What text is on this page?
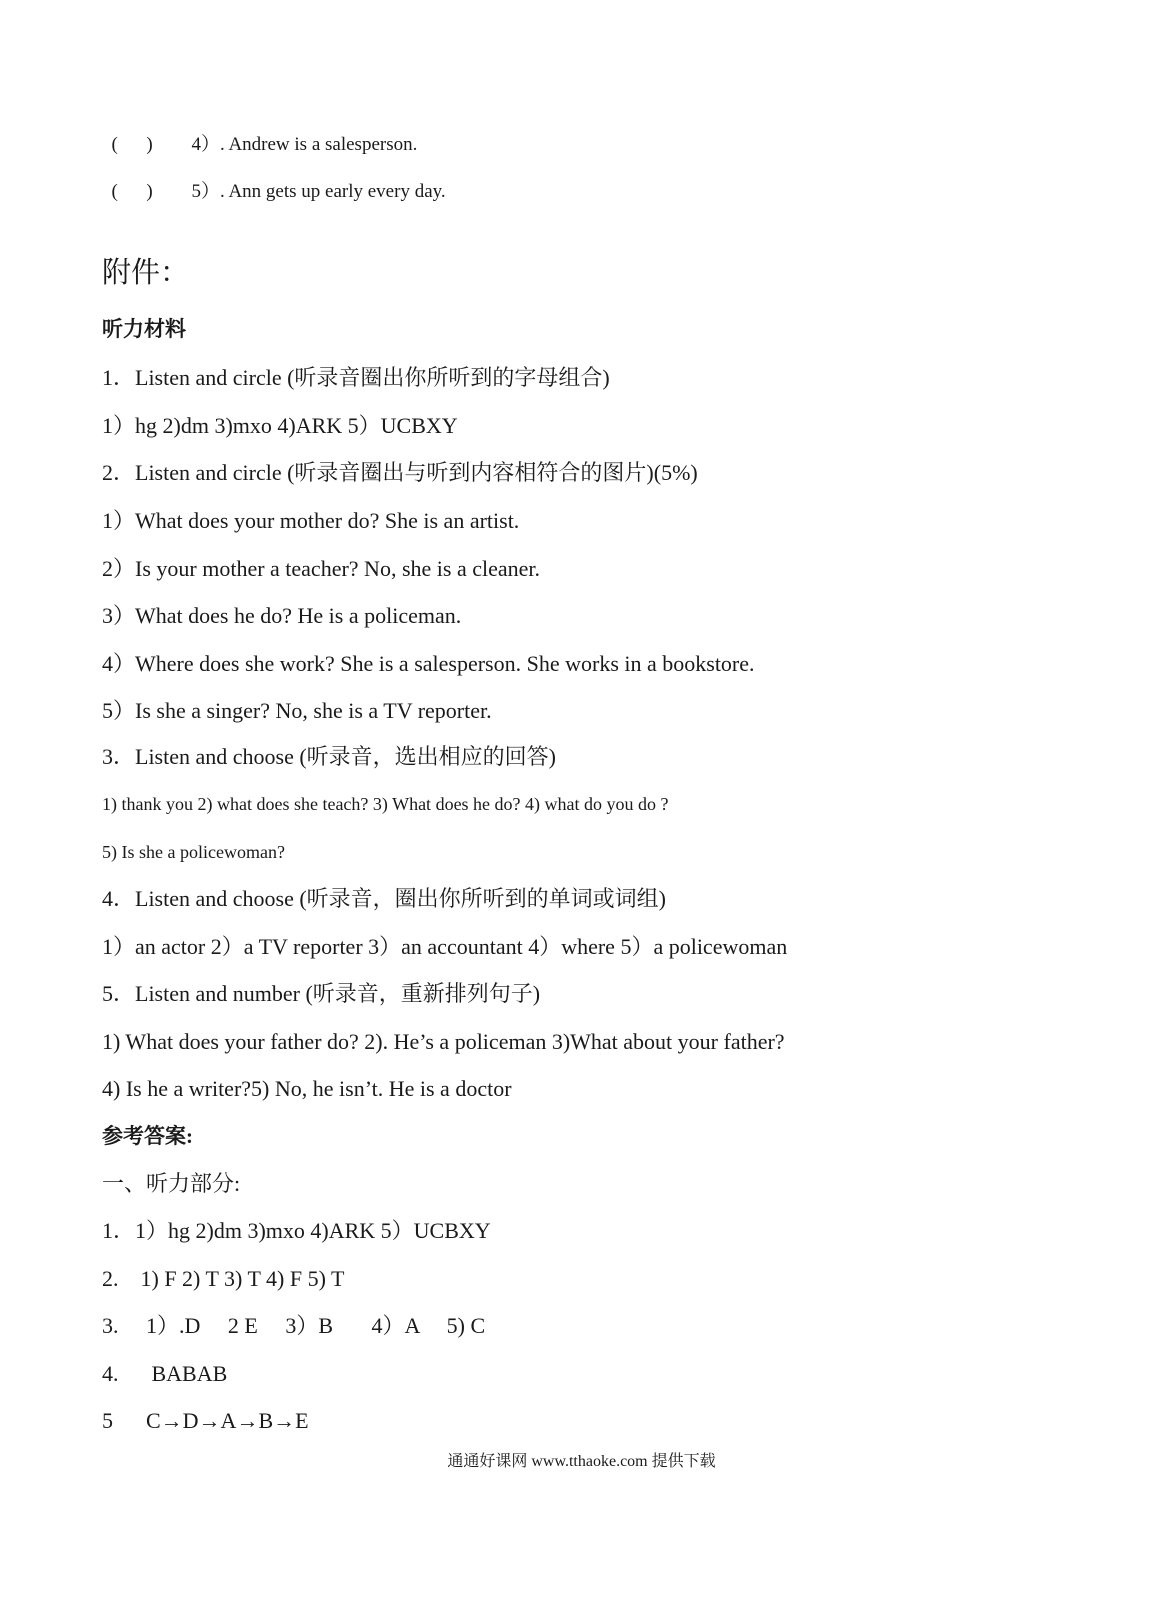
(      ) 4）. Andrew is a salesperson.

(      ) 5）. Ann gets up early every day.

附件：
听力材料
1．Listen and circle (听录音圈出你所听到的字母组合)
1）hg 2)dm 3)mxo 4)ARK 5）UCBXY
2．Listen and circle (听录音圈出与听到内容相符合的图片)(5%)
1）What does your mother do? She is an artist.
2）Is your mother a teacher? No, she is a cleaner.
3）What does he do? He is a policeman.
4）Where does she work? She is a salesperson. She works in a bookstore.
5）Is she a singer? No, she is a TV reporter.
3．Listen and choose (听录音，选出相应的回答)
1) thank you 2) what does she teach? 3) What does he do? 4) what do you do ?
5) Is she a policewoman?
4．Listen and choose (听录音，圈出你所听到的单词或词组)
1）an actor 2）a TV reporter 3）an accountant 4）where 5）a policewoman
5．Listen and number (听录音，重新排列句子)
1) What does your father do? 2). He’s a policeman 3)What about your father?
4) Is he a writer?5) No, he isn’t. He is a doctor
参考答案:
一、听力部分:
1．1）hg 2)dm 3)mxo 4)ARK 5）UCBXY
2.    1) F 2) T 3) T 4) F 5) T
3.     1）.D     2 E     3）B       4）A     5) C
4.      BABAB
5      C→D→A→B→E
通通好课网 www.tthaoke.com 提供下载
